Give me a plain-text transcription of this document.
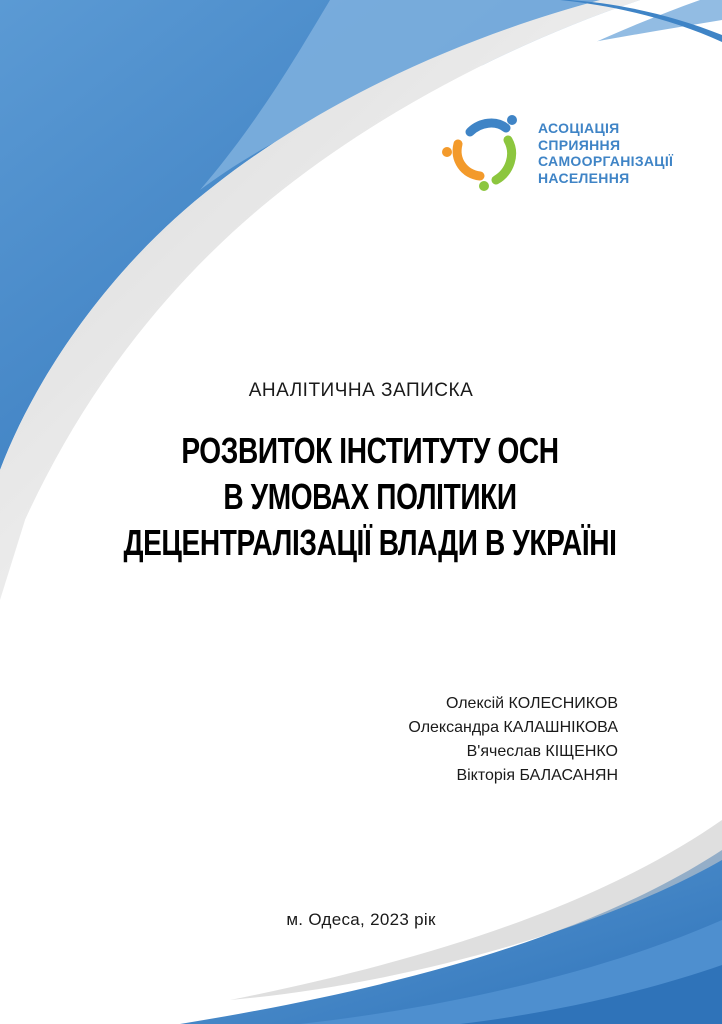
АСОЦІАЦІЯ
СПРИЯННЯ
САМООРГАНІЗАЦІЇ
НАСЕЛЕННЯ
АНАЛІТИЧНА ЗАПИСКА
РОЗВИТОК ІНСТИТУТУ ОСН
В УМОВАХ ПОЛІТИКИ
ДЕЦЕНТРАЛІЗАЦІЇ ВЛАДИ В УКРАЇНІ
Олексій КОЛЕСНИКОВ
Олександра КАЛАШНІКОВА
В'ячеслав КІЩЕНКО
Вікторія БАЛАСАНЯН
м. Одеса, 2023 рік
